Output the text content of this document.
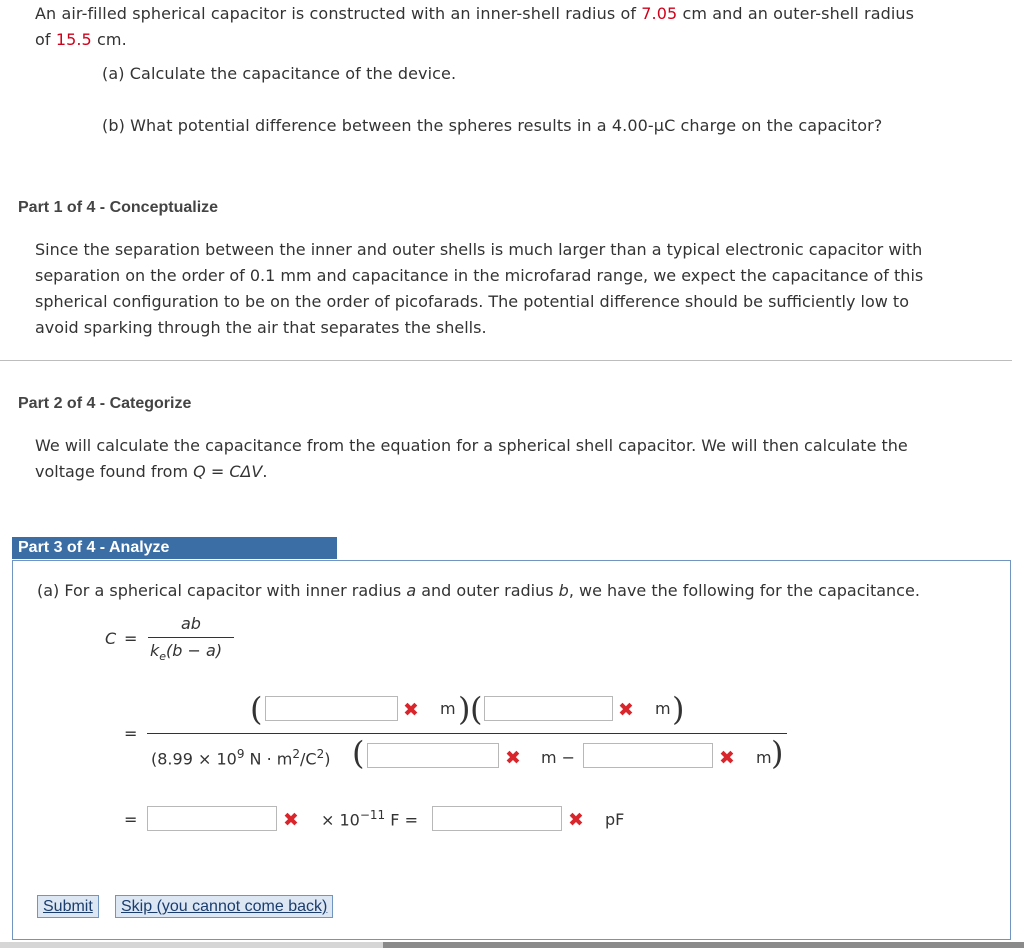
An air-filled spherical capacitor is constructed with an inner-shell radius of 7.05 cm and an outer-shell radius
of 15.5 cm.
(a) Calculate the capacitance of the device.
(b) What potential difference between the spheres results in a 4.00-µC charge on the capacitor?
Part 1 of 4 - Conceptualize
Since the separation between the inner and outer shells is much larger than a typical electronic capacitor with
separation on the order of 0.1 mm and capacitance in the microfarad range, we expect the capacitance of this
spherical configuration to be on the order of picofarads. The potential difference should be sufficiently low to
avoid sparking through the air that separates the shells.
Part 2 of 4 - Categorize
We will calculate the capacitance from the equation for a spherical shell capacitor. We will then calculate the
voltage found from Q = CΔV.
Part 3 of 4 - Analyze
(a) For a spherical capacitor with inner radius a and outer radius b, we have the following for the capacitance.
C =
ab
$k_e(b - a)$
=
(	✖ m ) (	✖ m )
($8.99 \times 10^9$ $N \cdot m^2/C^2$) (	✖ m −	✖ m )
=	✖ × $10^{-11}$ F =	✖ pF
Submit	Skip (you cannot come back)
